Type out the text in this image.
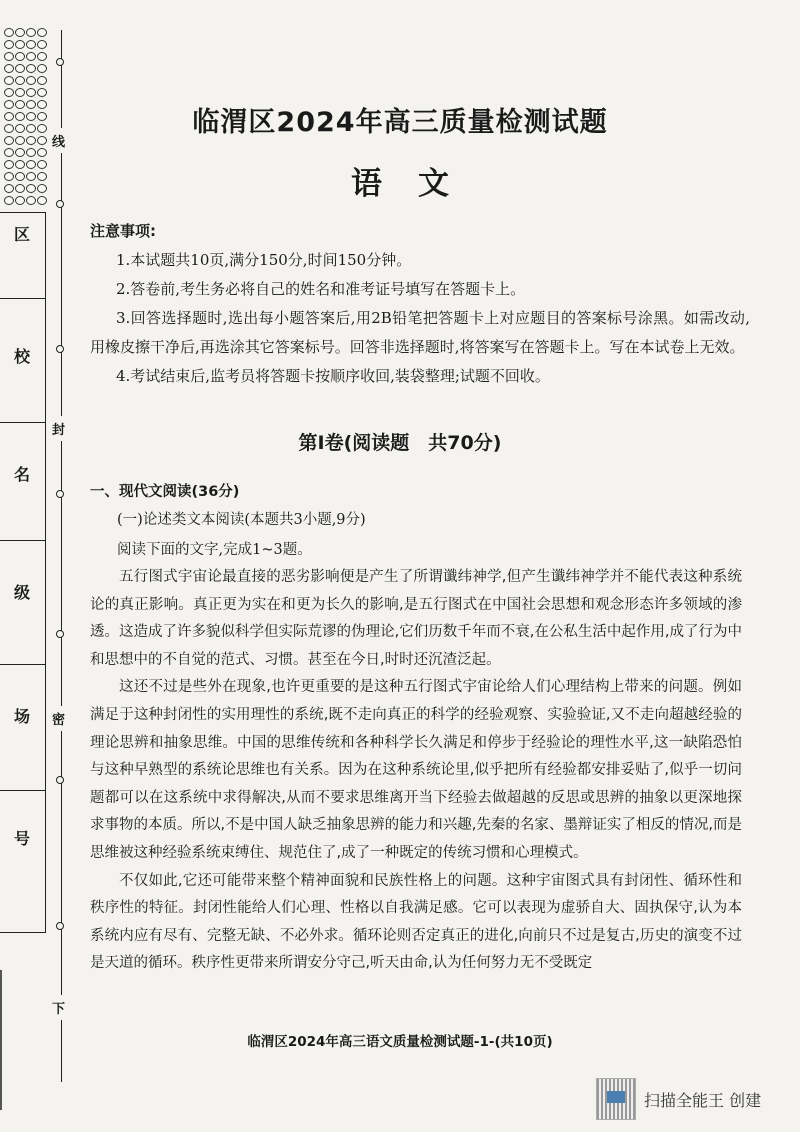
线
封
密
下
区
校
名
级
场
号
临渭区2024年高三质量检测试题
语文
注意事项:

1.本试题共10页,满分150分,时间150分钟。

2.答卷前,考生务必将自己的姓名和准考证号填写在答题卡上。

3.回答选择题时,选出每小题答案后,用2B铅笔把答题卡上对应题目的答案标号涂黑。如需改动,用橡皮擦干净后,再选涂其它答案标号。回答非选择题时,将答案写在答题卡上。写在本试卷上无效。

4.考试结束后,监考员将答题卡按顺序收回,装袋整理;试题不回收。

第Ⅰ卷(阅读题　共70分)
一、现代文阅读(36分)
(一)论述类文本阅读(本题共3小题,9分)
阅读下面的文字,完成1~3题。

五行图式宇宙论最直接的恶劣影响便是产生了所谓谶纬神学,但产生谶纬神学并不能代表这种系统论的真正影响。真正更为实在和更为长久的影响,是五行图式在中国社会思想和观念形态许多领域的渗透。这造成了许多貌似科学但实际荒谬的伪理论,它们历数千年而不衰,在公私生活中起作用,成了行为中和思想中的不自觉的范式、习惯。甚至在今日,时时还沉渣泛起。

这还不过是些外在现象,也许更重要的是这种五行图式宇宙论给人们心理结构上带来的问题。例如满足于这种封闭性的实用理性的系统,既不走向真正的科学的经验观察、实验验证,又不走向超越经验的理论思辨和抽象思维。中国的思维传统和各种科学长久满足和停步于经验论的理性水平,这一缺陷恐怕与这种早熟型的系统论思维也有关系。因为在这种系统论里,似乎把所有经验都安排妥贴了,似乎一切问题都可以在这系统中求得解决,从而不要求思维离开当下经验去做超越的反思或思辨的抽象以更深地探求事物的本质。所以,不是中国人缺乏抽象思辨的能力和兴趣,先秦的名家、墨辩证实了相反的情况,而是思维被这种经验系统束缚住、规范住了,成了一种既定的传统习惯和心理模式。

不仅如此,它还可能带来整个精神面貌和民族性格上的问题。这种宇宙图式具有封闭性、循环性和秩序性的特征。封闭性能给人们心理、性格以自我满足感。它可以表现为虚骄自大、固执保守,认为本系统内应有尽有、完整无缺、不必外求。循环论则否定真正的进化,向前只不过是复古,历史的演变不过是天道的循环。秩序性更带来所谓安分守己,听天由命,认为任何努力无不受既定

临渭区2024年高三语文质量检测试题-1-(共10页)
扫描全能王 创建
